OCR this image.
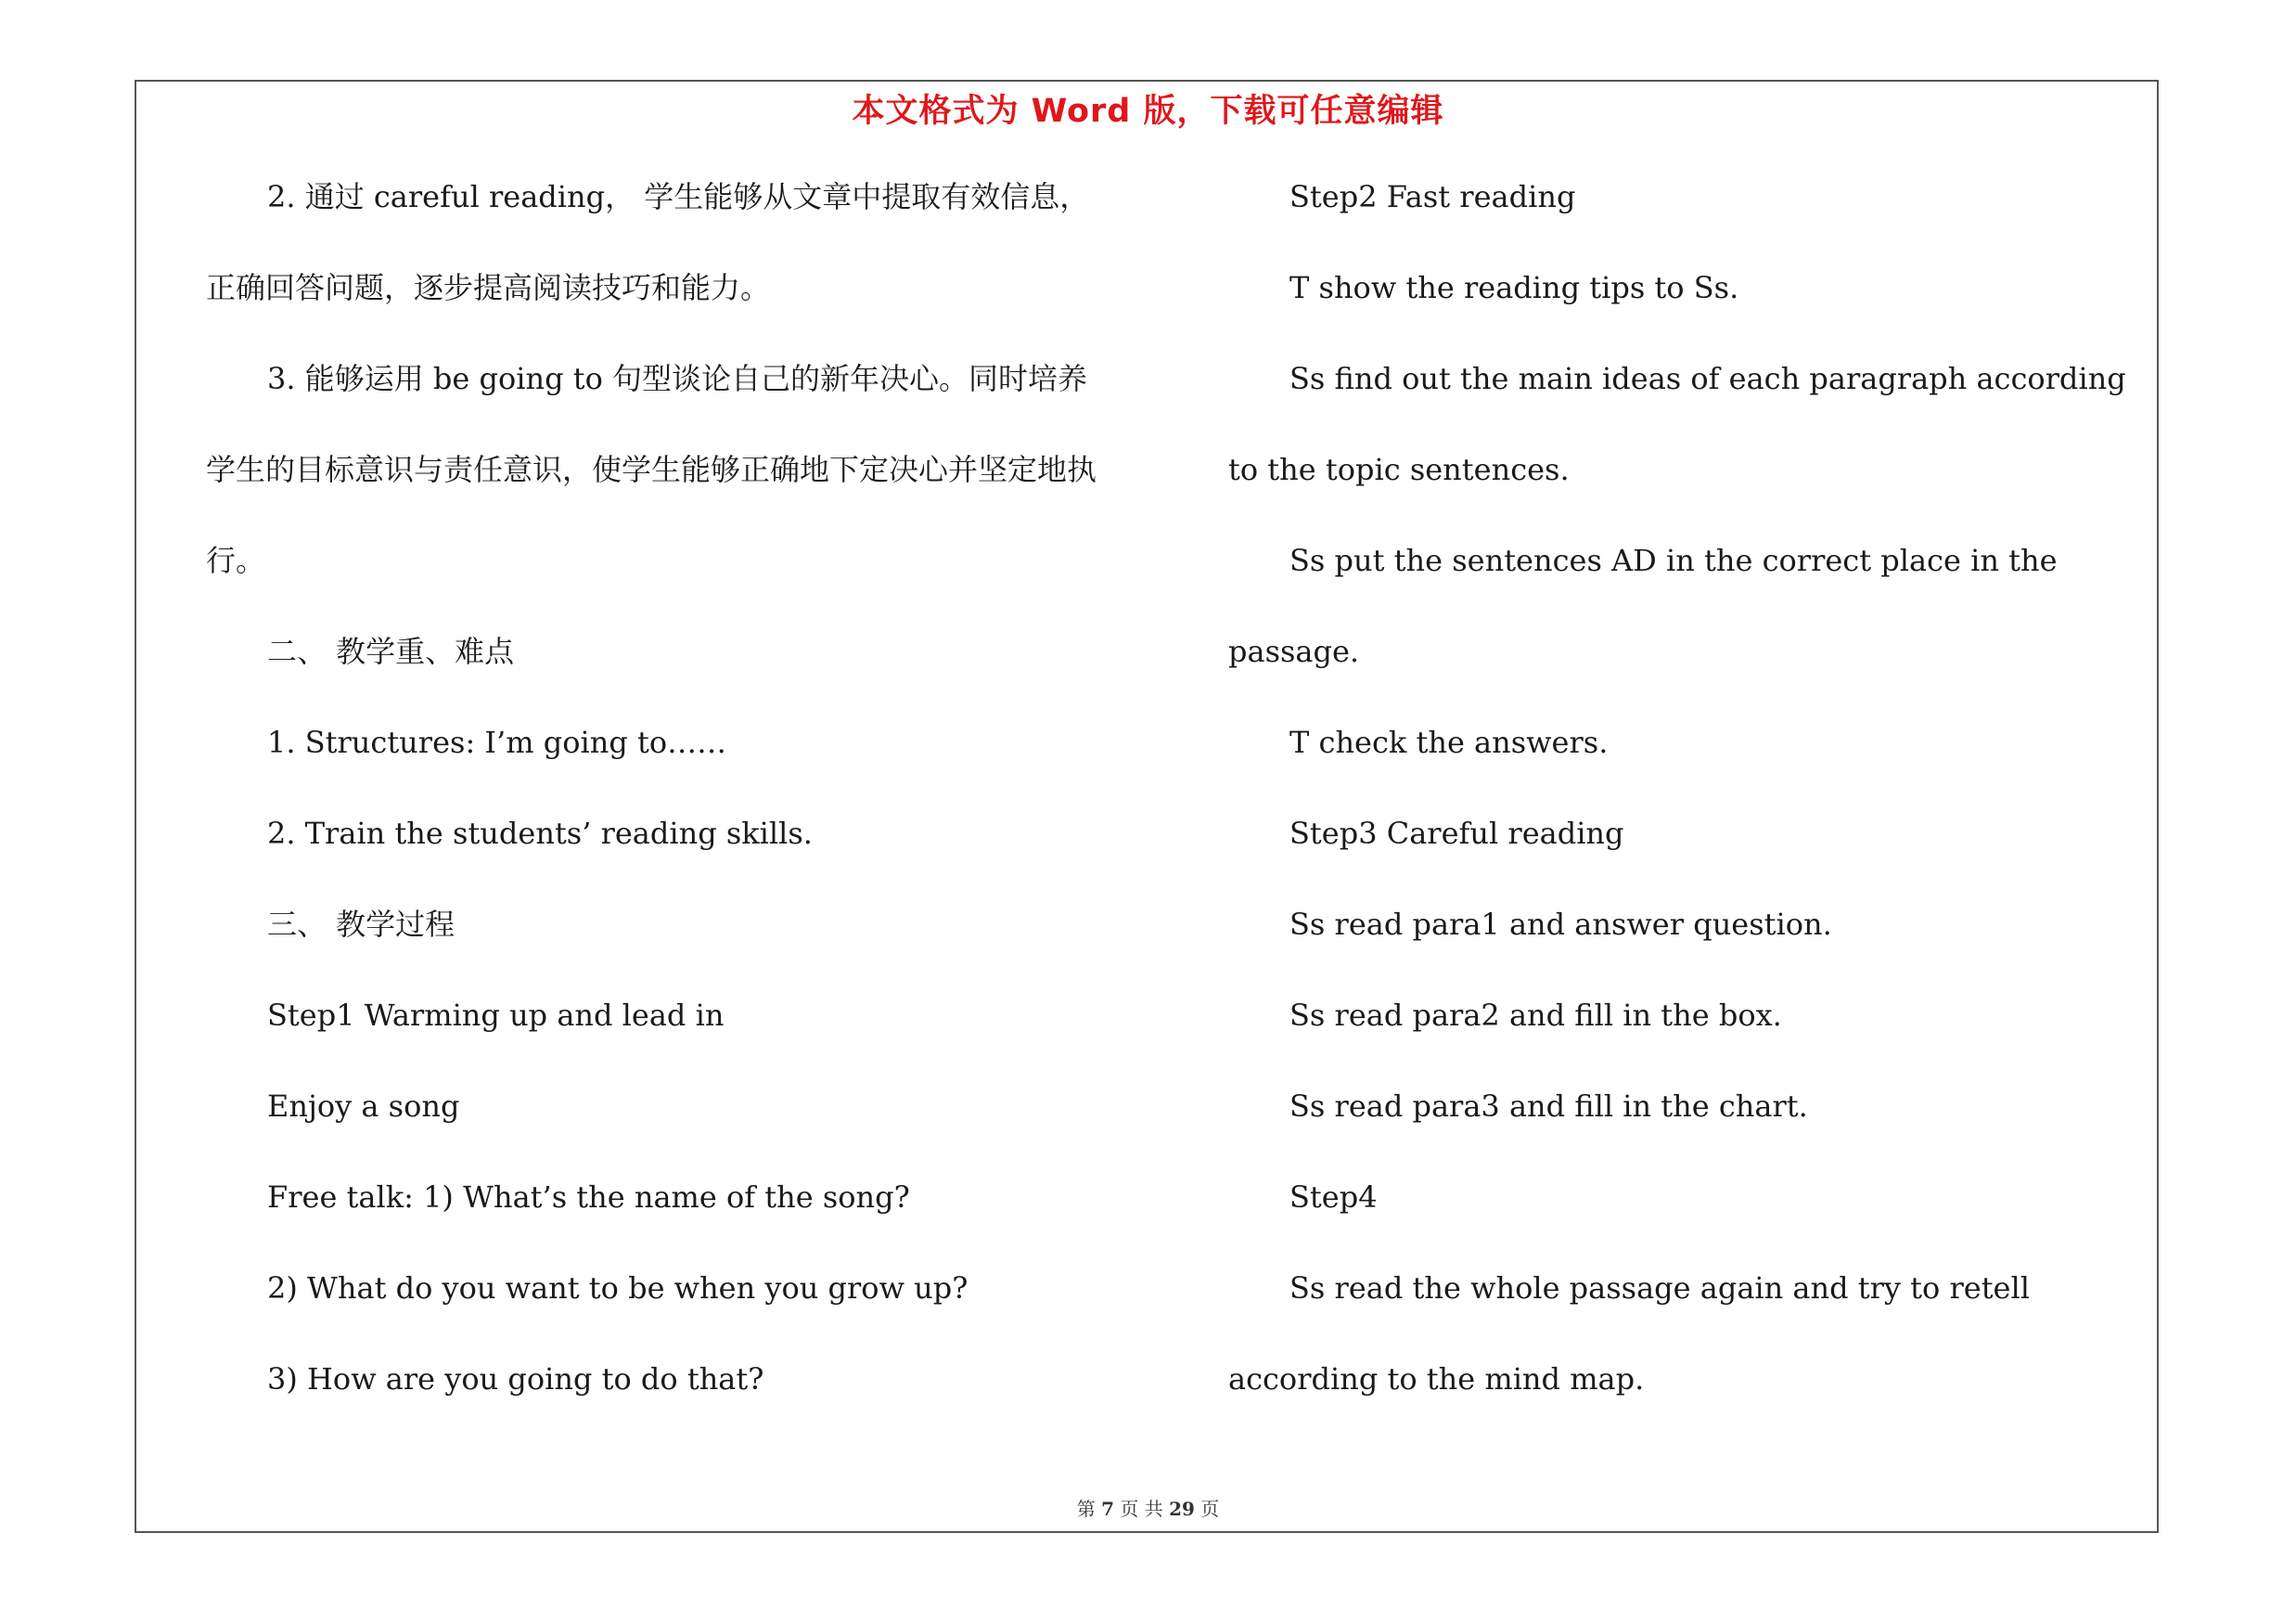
本文格式为 Word 版，下载可任意编辑
2. 通过 careful reading， 学生能够从文章中提取有效信息，
正确回答问题，逐步提高阅读技巧和能力。
3. 能够运用 be going to 句型谈论自己的新年决心。同时培养
学生的目标意识与责任意识，使学生能够正确地下定决心并坚定地执
行。
二、 教学重、难点
1. Structures: I’m going to……
2. Train the students’ reading skills.
三、 教学过程
Step1 Warming up and lead in
Enjoy a song
Free talk: 1) What’s the name of the song?
2) What do you want to be when you grow up?
3) How are you going to do that?
Step2 Fast reading
T show the reading tips to Ss.
Ss find out the main ideas of each paragraph according
to the topic sentences.
Ss put the sentences AD in the correct place in the
passage.
T check the answers.
Step3 Careful reading
Ss read para1 and answer question.
Ss read para2 and fill in the box.
Ss read para3 and fill in the chart.
Step4
Ss read the whole passage again and try to retell
according to the mind map.
第 7 页 共 29 页
